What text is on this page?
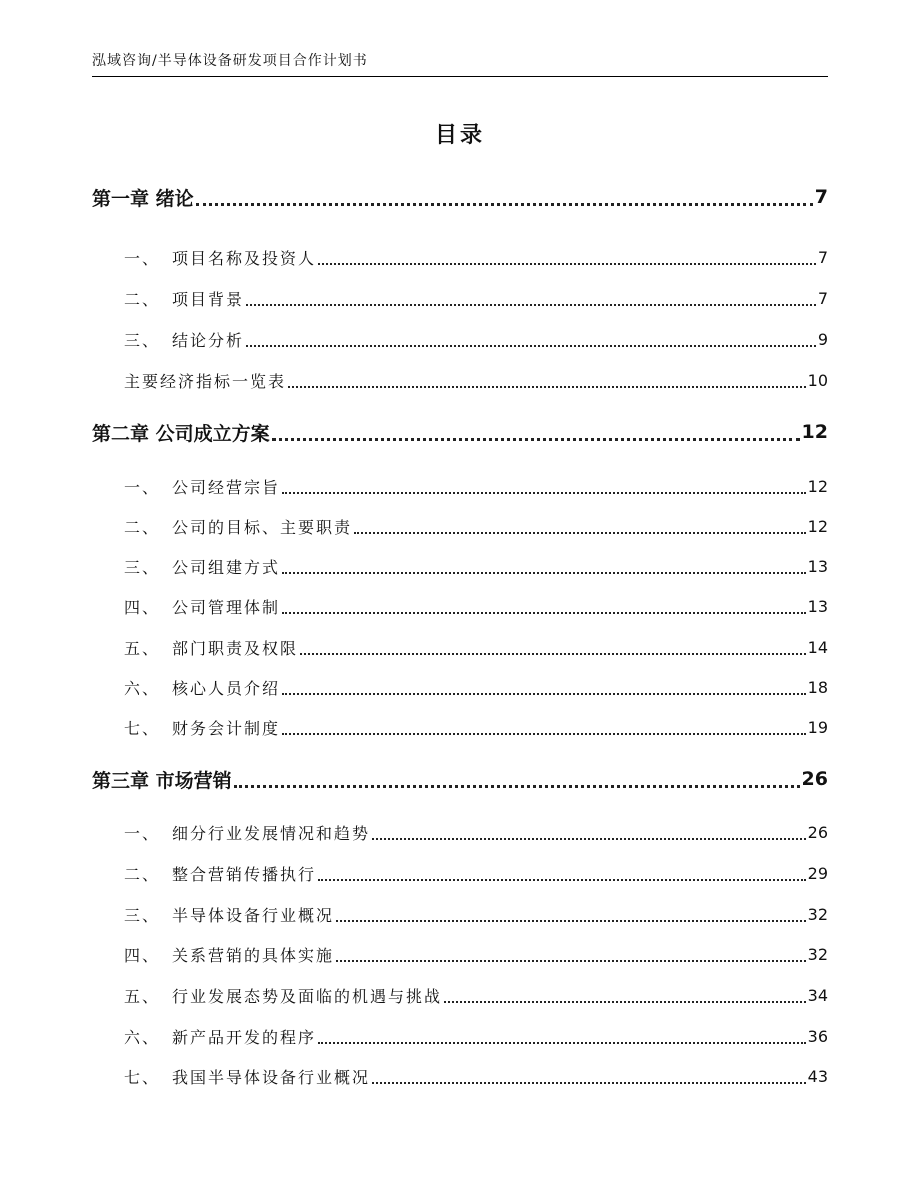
泓域咨询/半导体设备研发项目合作计划书
目录
第一章 绪论	7
一、 项目名称及投资人	7
二、 项目背景	7
三、 结论分析	9
主要经济指标一览表	10
第二章 公司成立方案	12
一、 公司经营宗旨	12
二、 公司的目标、主要职责	12
三、 公司组建方式	13
四、 公司管理体制	13
五、 部门职责及权限	14
六、 核心人员介绍	18
七、 财务会计制度	19
第三章 市场营销	26
一、 细分行业发展情况和趋势	26
二、 整合营销传播执行	29
三、 半导体设备行业概况	32
四、 关系营销的具体实施	32
五、 行业发展态势及面临的机遇与挑战	34
六、 新产品开发的程序	36
七、 我国半导体设备行业概况	43
